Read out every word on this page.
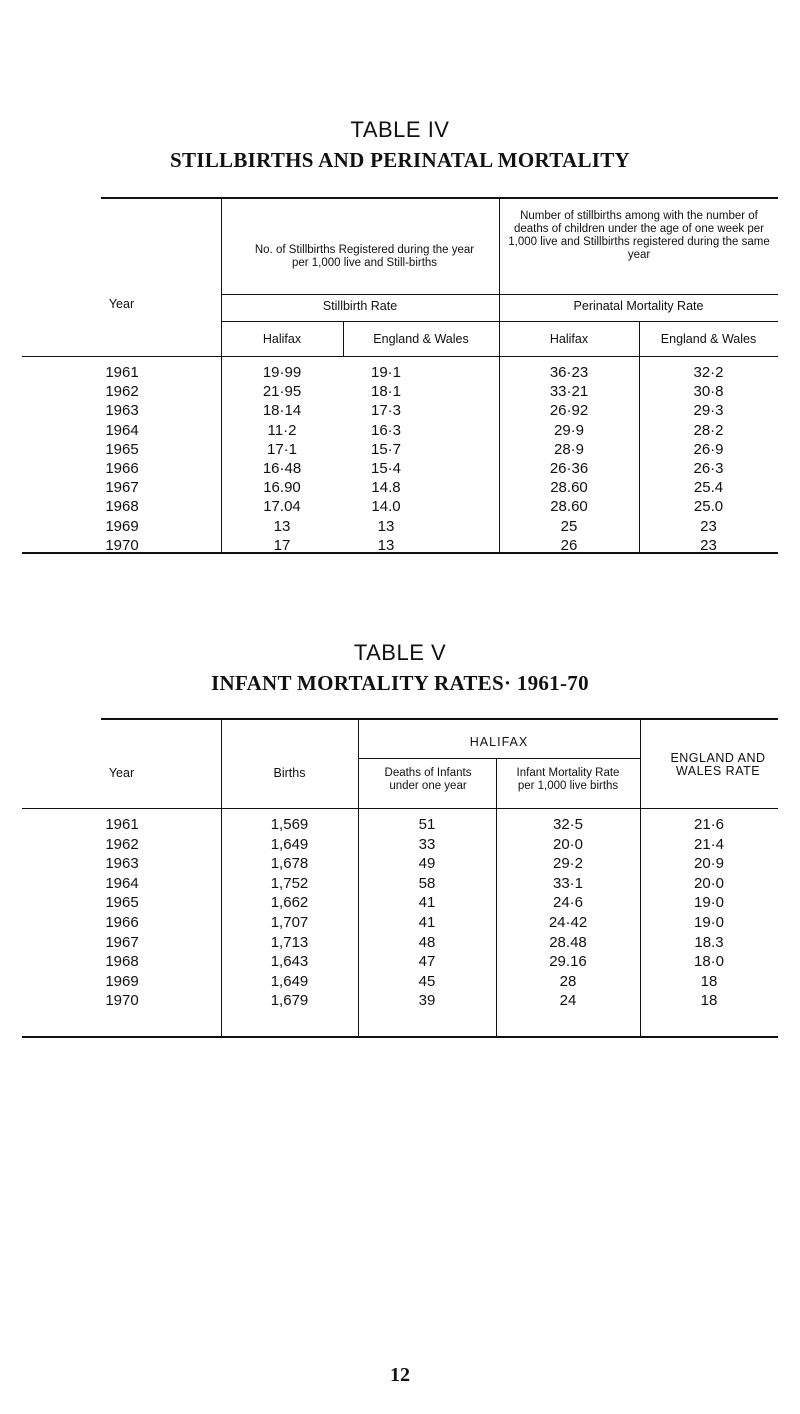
TABLE IV
STILLBIRTHS AND PERINATAL MORTALITY
Year
No. of Stillbirths Registered during the year per 1,000 live and Still-births
Number of stillbirths among with the number of deaths of children under the age of one week per 1,000 live and Stillbirths registered during the same year
Stillbirth Rate	Perinatal Mortality Rate
Halifax	England & Wales	Halifax	England & Wales
1961	19·99	19·1	36·23	32·2
1962	21·95	18·1	33·21	30·8
1963	18·14	17·3	26·92	29·3
1964	11·2	16·3	29·9	28·2
1965	17·1	15·7	28·9	26·9
1966	16·48	15·4	26·36	26·3
1967	16.90	14.8	28.60	25.4
1968	17.04	14.0	28.60	25.0
1969	13	13	25	23
1970	17	13	26	23
TABLE V
INFANT MORTALITY RATES· 1961-70
Year	Births
HALIFAX
Deaths of Infants under one year
Infant Mortality Rate per 1,000 live births
ENGLAND AND WALES RATE
1961	1,569	51	32·5	21·6
1962	1,649	33	20·0	21·4
1963	1,678	49	29·2	20·9
1964	1,752	58	33·1	20·0
1965	1,662	41	24·6	19·0
1966	1,707	41	24·42	19·0
1967	1,713	48	28.48	18.3
1968	1,643	47	29.16	18·0
1969	1,649	45	28	18
1970	1,679	39	24	18
12
